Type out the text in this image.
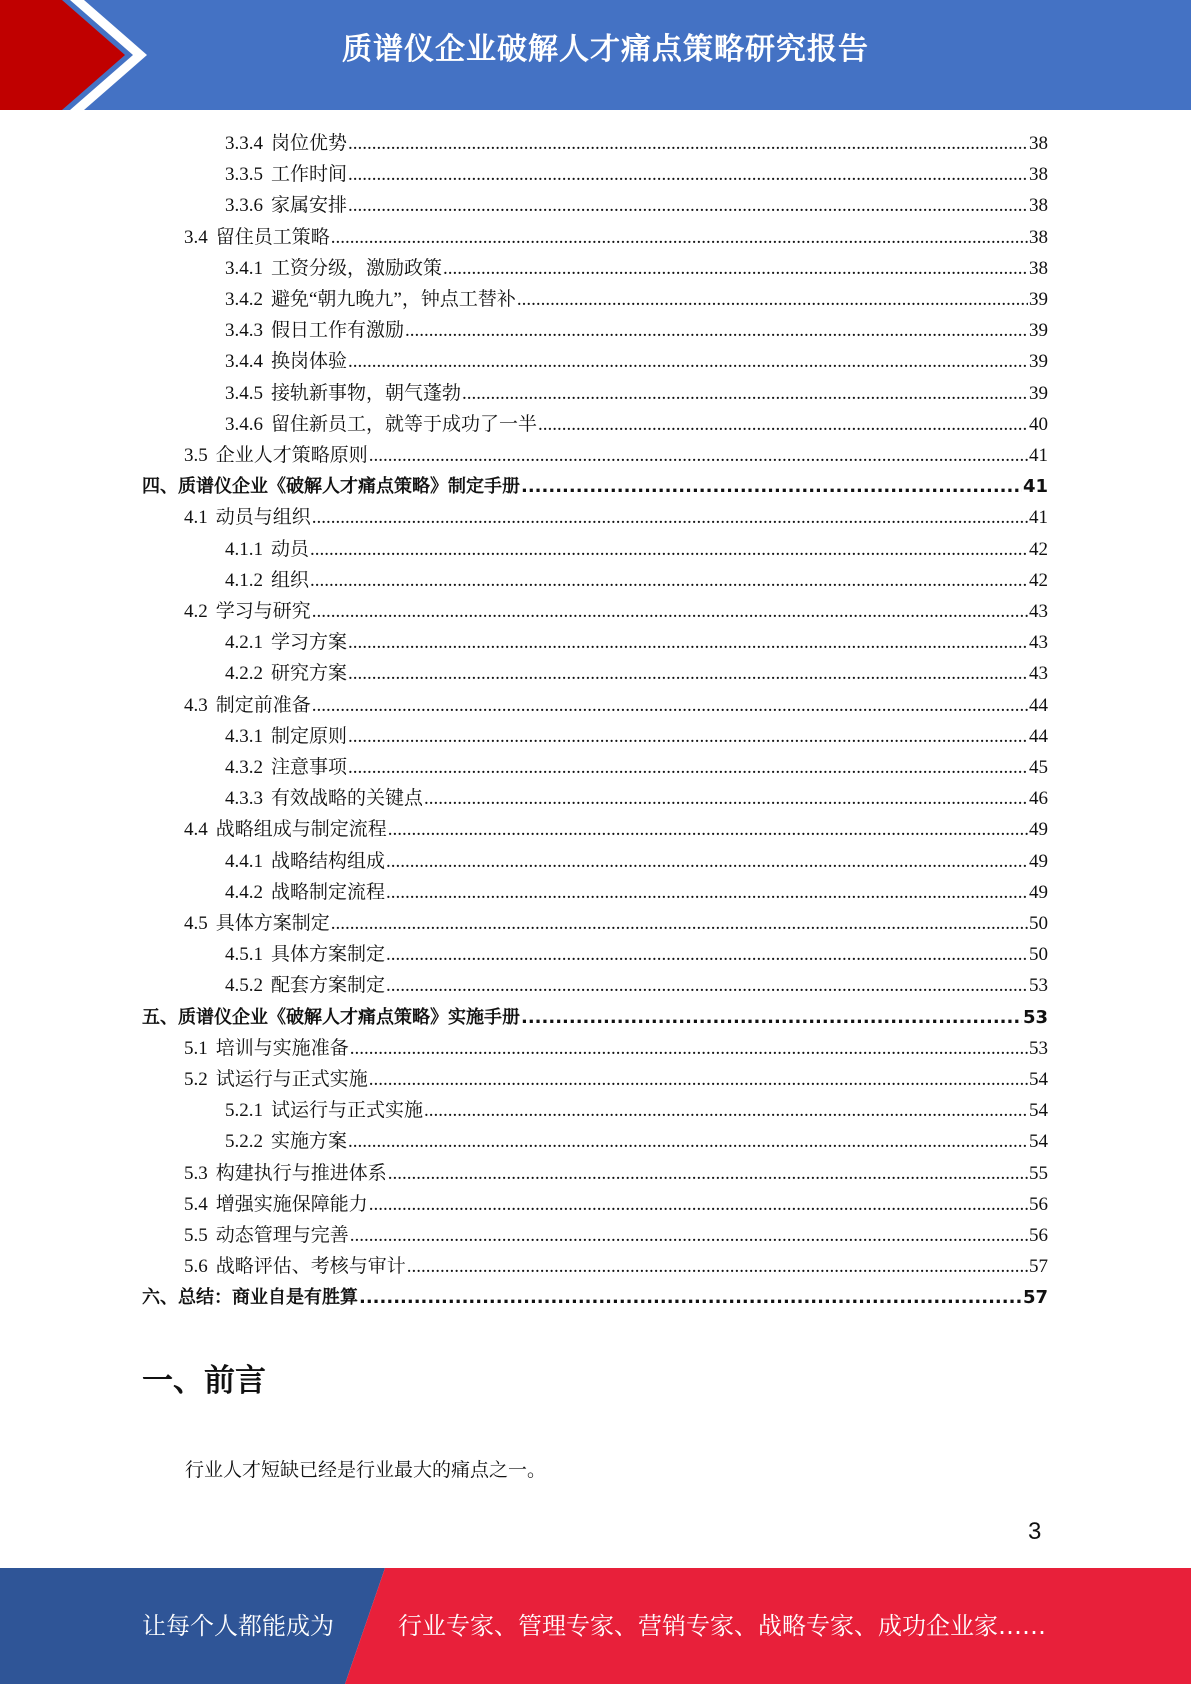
质谱仪企业破解人才痛点策略研究报告
3.3.4 岗位优势 .....	38
3.3.5 工作时间 .....	38
3.3.6 家属安排 .....	38
3.4 留住员工策略 .....	38
3.4.1 工资分级，激励政策 .....	38
3.4.2 避免“朝九晚九”，钟点工替补 .....	39
3.4.3 假日工作有激励 .....	39
3.4.4 换岗体验 .....	39
3.4.5 接轨新事物，朝气蓬勃 .....	39
3.4.6 留住新员工，就等于成功了一半 .....	40
3.5 企业人才策略原则 .....	41
四、 质谱仪企业《破解人才痛点策略》制定手册 .....	41
4.1 动员与组织 .....	41
4.1.1 动员 .....	42
4.1.2 组织 .....	42
4.2 学习与研究 .....	43
4.2.1 学习方案 .....	43
4.2.2 研究方案 .....	43
4.3 制定前准备 .....	44
4.3.1 制定原则 .....	44
4.3.2 注意事项 .....	45
4.3.3 有效战略的关键点 .....	46
4.4 战略组成与制定流程 .....	49
4.4.1 战略结构组成 .....	49
4.4.2 战略制定流程 .....	49
4.5 具体方案制定 .....	50
4.5.1 具体方案制定 .....	50
4.5.2 配套方案制定 .....	53
五、 质谱仪企业《破解人才痛点策略》实施手册 .....	53
5.1 培训与实施准备 .....	53
5.2 试运行与正式实施 .....	54
5.2.1 试运行与正式实施 .....	54
5.2.2 实施方案 .....	54
5.3 构建执行与推进体系 .....	55
5.4 增强实施保障能力 .....	56
5.5 动态管理与完善 .....	56
5.6 战略评估、考核与审计 .....	57
六、 总结：商业自是有胜算 .....	57
一、前言
行业人才短缺已经是行业最大的痛点之一。
3
让每个人都能成为	行业专家、管理专家、营销专家、战略专家、成功企业家……
